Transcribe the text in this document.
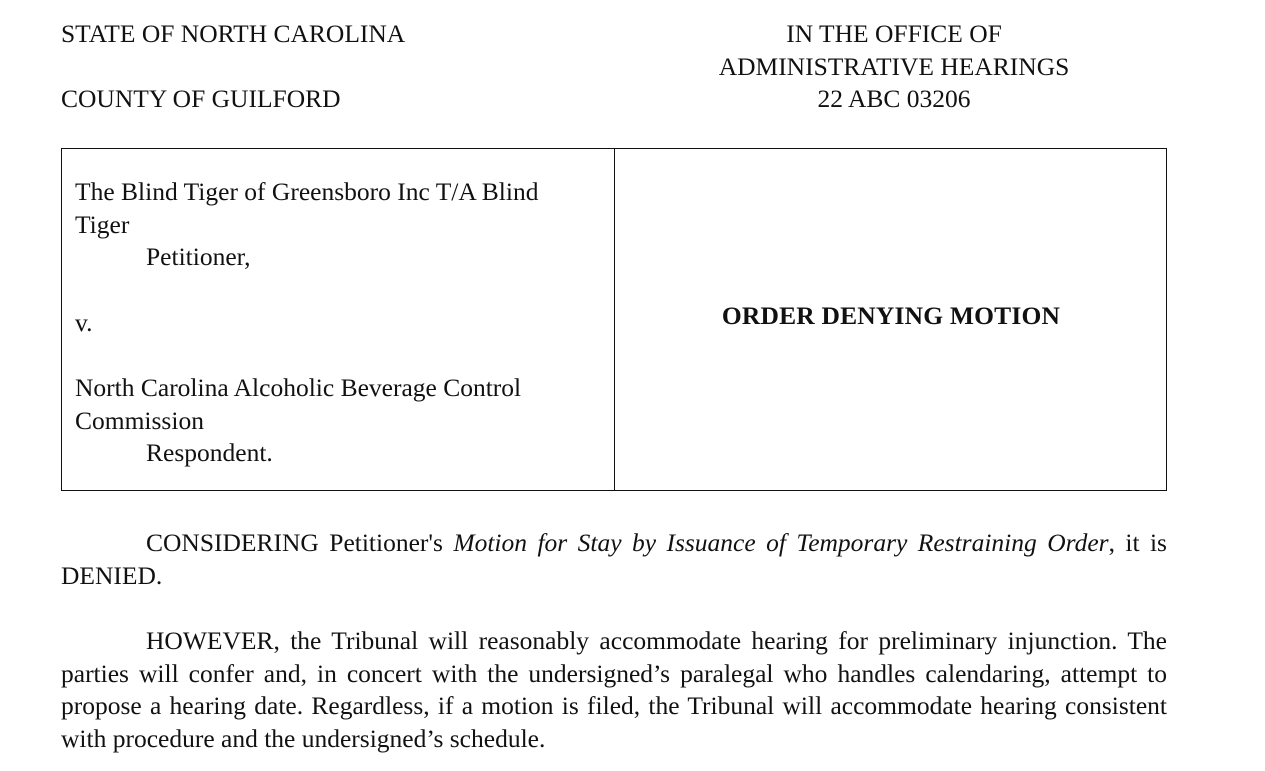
STATE OF NORTH CAROLINA
COUNTY OF GUILFORD
IN THE OFFICE OF
ADMINISTRATIVE HEARINGS
22 ABC 03206
The Blind Tiger of Greensboro Inc T/A Blind
Tiger
Petitioner,
v.
North Carolina Alcoholic Beverage Control
Commission
Respondent.
ORDER DENYING MOTION
CONSIDERING Petitioner's Motion for Stay by Issuance of Temporary Restraining Order, it is DENIED.
HOWEVER, the Tribunal will reasonably accommodate hearing for preliminary injunction. The parties will confer and, in concert with the undersigned’s paralegal who handles calendaring, attempt to propose a hearing date. Regardless, if a motion is filed, the Tribunal will accommodate hearing consistent with procedure and the undersigned’s schedule.
